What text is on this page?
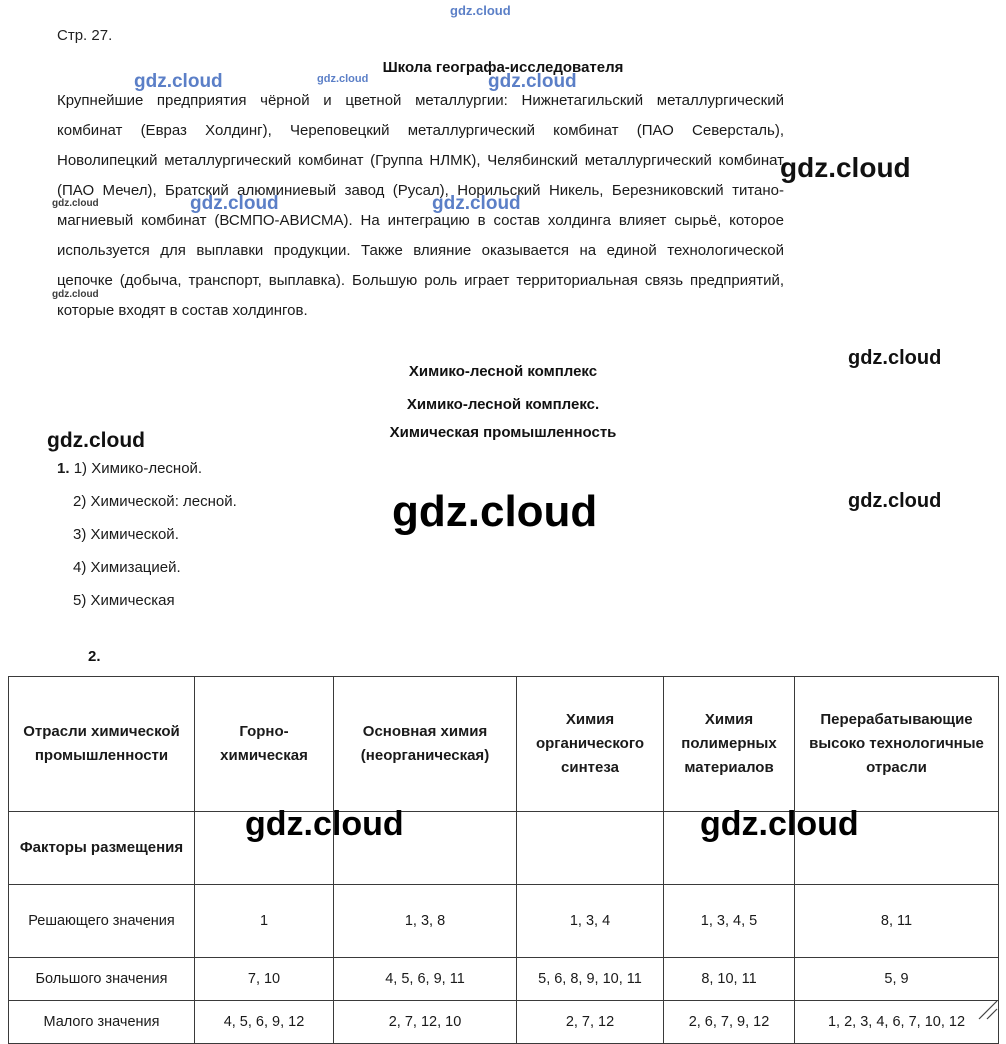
Стр. 27.
Школа географа-исследователя
Крупнейшие предприятия чёрной и цветной металлургии: Нижнетагильский металлургический комбинат (Евраз Холдинг), Череповецкий металлургический комбинат (ПАО Северсталь), Новолипецкий металлургический комбинат (Группа НЛМК), Челябинский металлургический комбинат (ПАО Мечел), Братский алюминиевый завод (Русал), Норильский Никель, Березниковский титано-магниевый комбинат (ВСМПО-АВИСМА). На интеграцию в состав холдинга влияет сырьё, которое используется для выплавки продукции. Также влияние оказывается на единой технологической цепочке (добыча, транспорт, выплавка). Большую роль играет территориальная связь предприятий, которые входят в состав холдингов.
Химико-лесной комплекс
Химико-лесной комплекс.
Химическая промышленность
1. 1) Химико-лесной.
2) Химической: лесной.
3) Химической.
4) Химизацией.
5) Химическая
2.
Отрасли химической промышленности	Горно-химическая	Основная химия (неорганическая)	Химия органического синтеза	Химия полимерных материалов	Перерабатывающие высоко технологичные отрасли
Факторы размещения					
Решающего значения	1	1, 3, 8	1, 3, 4	1, 3, 4, 5	8, 11
Большого значения	7, 10	4, 5, 6, 9, 11	5, 6, 8, 9, 10, 11	8, 10, 11	5, 9
Малого значения	4, 5, 6, 9, 12	2, 7, 12, 10	2, 7, 12	2, 6, 7, 9, 12	1, 2, 3, 4, 6, 7, 10, 12
gdz.cloud
gdz.cloud	gdz.cloud	gdz.cloud
gdz.cloud
gdz.cloud	gdz.cloud	gdz.cloud
gdz.cloud
gdz.cloud
gdz.cloud
gdz.cloud
gdz.cloud
gdz.cloud	gdz.cloud
